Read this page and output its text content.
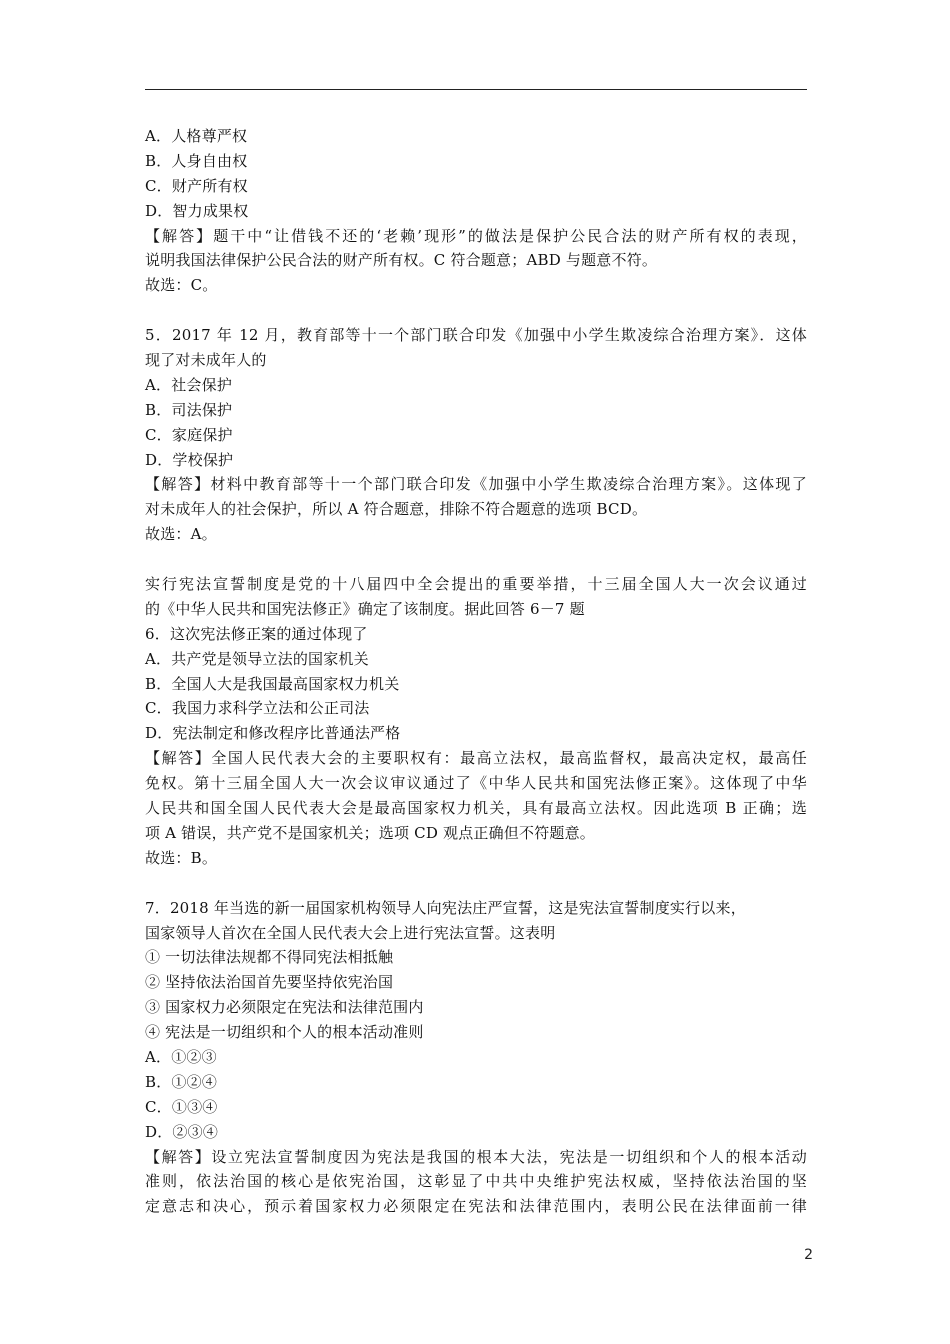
A．人格尊严权
B．人身自由权
C．财产所有权
D．智力成果权
【解答】题干中“让借钱不还的‘老赖’现形”的做法是保护公民合法的财产所有权的表现，
说明我国法律保护公民合法的财产所有权。C 符合题意；ABD 与题意不符。
故选：C。
5．2017 年 12 月，教育部等十一个部门联合印发《加强中小学生欺凌综合治理方案》．这体
现了对未成年人的
A．社会保护
B．司法保护
C．家庭保护
D．学校保护
【解答】材料中教育部等十一个部门联合印发《加强中小学生欺凌综合治理方案》。这体现了
对未成年人的社会保护，所以 A 符合题意，排除不符合题意的选项 BCD。
故选：A。
实行宪法宣誓制度是党的十八届四中全会提出的重要举措，十三届全国人大一次会议通过
的《中华人民共和国宪法修正》确定了该制度。据此回答 6－7 题
6．这次宪法修正案的通过体现了
A．共产党是领导立法的国家机关
B．全国人大是我国最高国家权力机关
C．我国力求科学立法和公正司法
D．宪法制定和修改程序比普通法严格
【解答】全国人民代表大会的主要职权有：最高立法权，最高监督权，最高决定权，最高任
免权。第十三届全国人大一次会议审议通过了《中华人民共和国宪法修正案》。这体现了中华
人民共和国全国人民代表大会是最高国家权力机关，具有最高立法权。因此选项 B 正确；选
项 A 错误，共产党不是国家机关；选项 CD 观点正确但不符题意。
故选：B。
7．2018 年当选的新一届国家机构领导人向宪法庄严宣誓，这是宪法宣誓制度实行以来，
国家领导人首次在全国人民代表大会上进行宪法宣誓。这表明
① 一切法律法规都不得同宪法相抵触
② 坚持依法治国首先要坚持依宪治国
③ 国家权力必须限定在宪法和法律范围内
④ 宪法是一切组织和个人的根本活动准则
A．①②③
B．①②④
C．①③④
D．②③④
【解答】设立宪法宣誓制度因为宪法是我国的根本大法，宪法是一切组织和个人的根本活动
准则，依法治国的核心是依宪治国，这彰显了中共中央维护宪法权威，坚持依法治国的坚
定意志和决心，预示着国家权力必须限定在宪法和法律范围内，表明公民在法律面前一律
2
